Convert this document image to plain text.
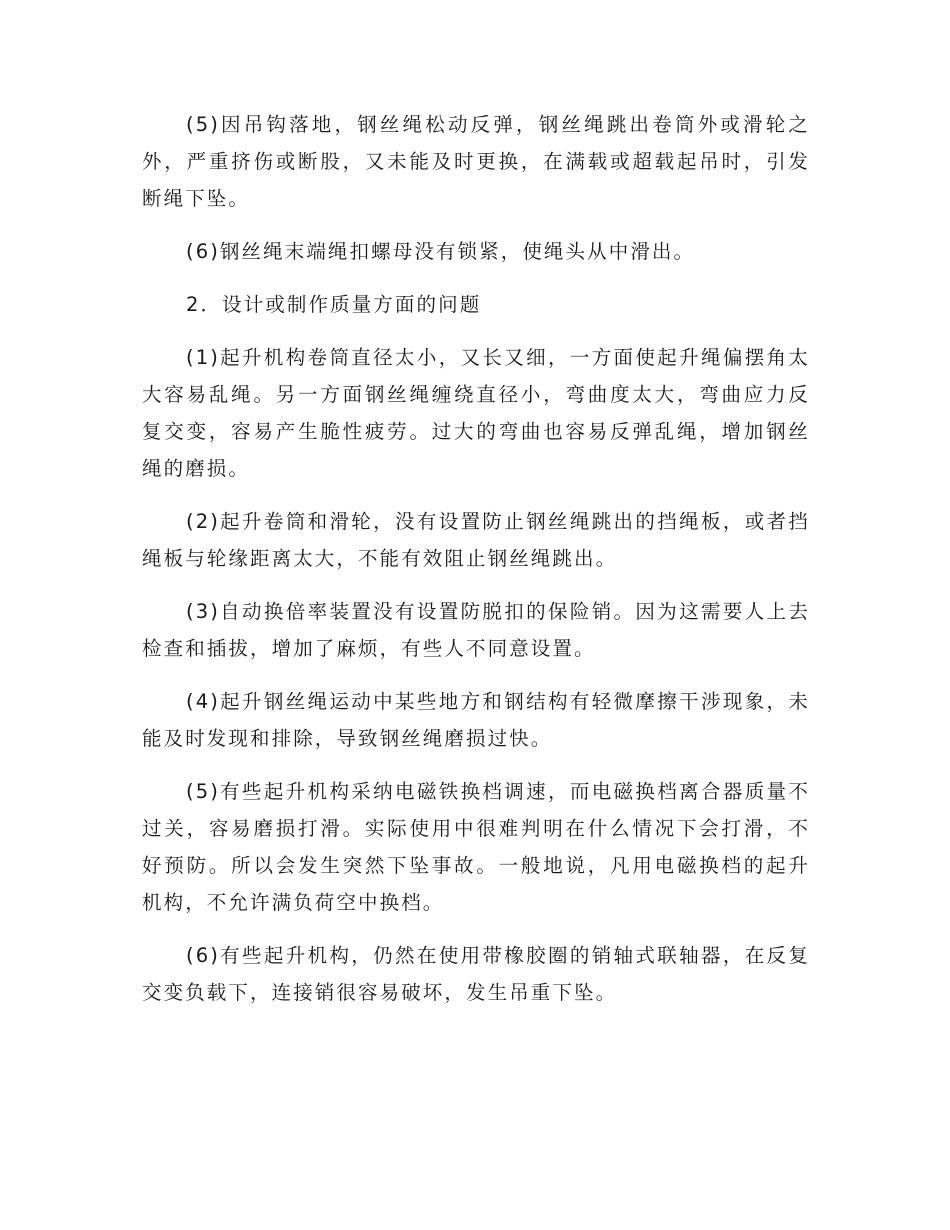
(5)因吊钩落地，钢丝绳松动反弹，钢丝绳跳出卷筒外或滑轮之外，严重挤伤或断股，又未能及时更换，在满载或超载起吊时，引发断绳下坠。

(6)钢丝绳末端绳扣螺母没有锁紧，使绳头从中滑出。

2．设计或制作质量方面的问题

(1)起升机构卷筒直径太小，又长又细，一方面使起升绳偏摆角太大容易乱绳。另一方面钢丝绳缠绕直径小，弯曲度太大，弯曲应力反复交变，容易产生脆性疲劳。过大的弯曲也容易反弹乱绳，增加钢丝绳的磨损。

(2)起升卷筒和滑轮，没有设置防止钢丝绳跳出的挡绳板，或者挡绳板与轮缘距离太大，不能有效阻止钢丝绳跳出。

(3)自动换倍率装置没有设置防脱扣的保险销。因为这需要人上去检查和插拔，增加了麻烦，有些人不同意设置。

(4)起升钢丝绳运动中某些地方和钢结构有轻微摩擦干涉现象，未能及时发现和排除，导致钢丝绳磨损过快。

(5)有些起升机构采纳电磁铁换档调速，而电磁换档离合器质量不过关，容易磨损打滑。实际使用中很难判明在什么情况下会打滑，不好预防。所以会发生突然下坠事故。一般地说，凡用电磁换档的起升机构，不允许满负荷空中换档。

(6)有些起升机构，仍然在使用带橡胶圈的销轴式联轴器，在反复交变负载下，连接销很容易破坏，发生吊重下坠。
